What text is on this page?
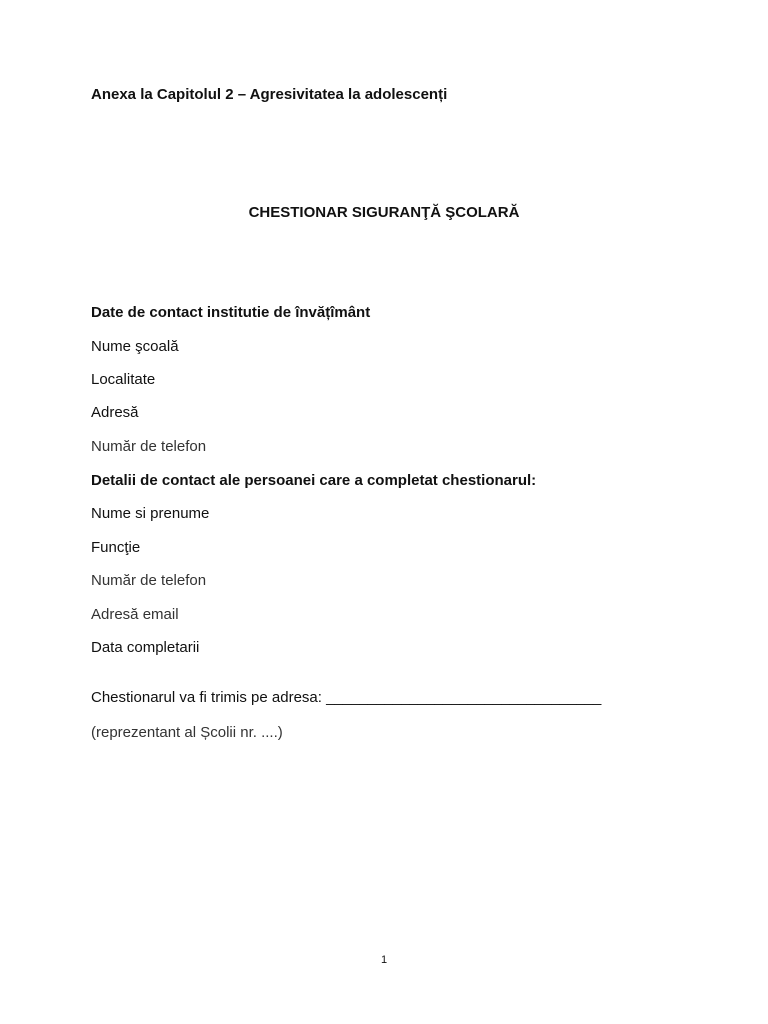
Anexa la Capitolul 2 – Agresivitatea la adolescenți
CHESTIONAR SIGURANŢĂ ŞCOLARĂ
Date de contact institutie de învățîmânt
Nume şcoală
Localitate
Adresă
Număr de telefon
Detalii de contact ale persoanei care a completat chestionarul:
Nume si prenume
Funcţie
Număr de telefon
Adresă email
Data completarii
Chestionarul va fi trimis pe adresa: _________________________________
(reprezentant al Școlii nr. ....)
1
